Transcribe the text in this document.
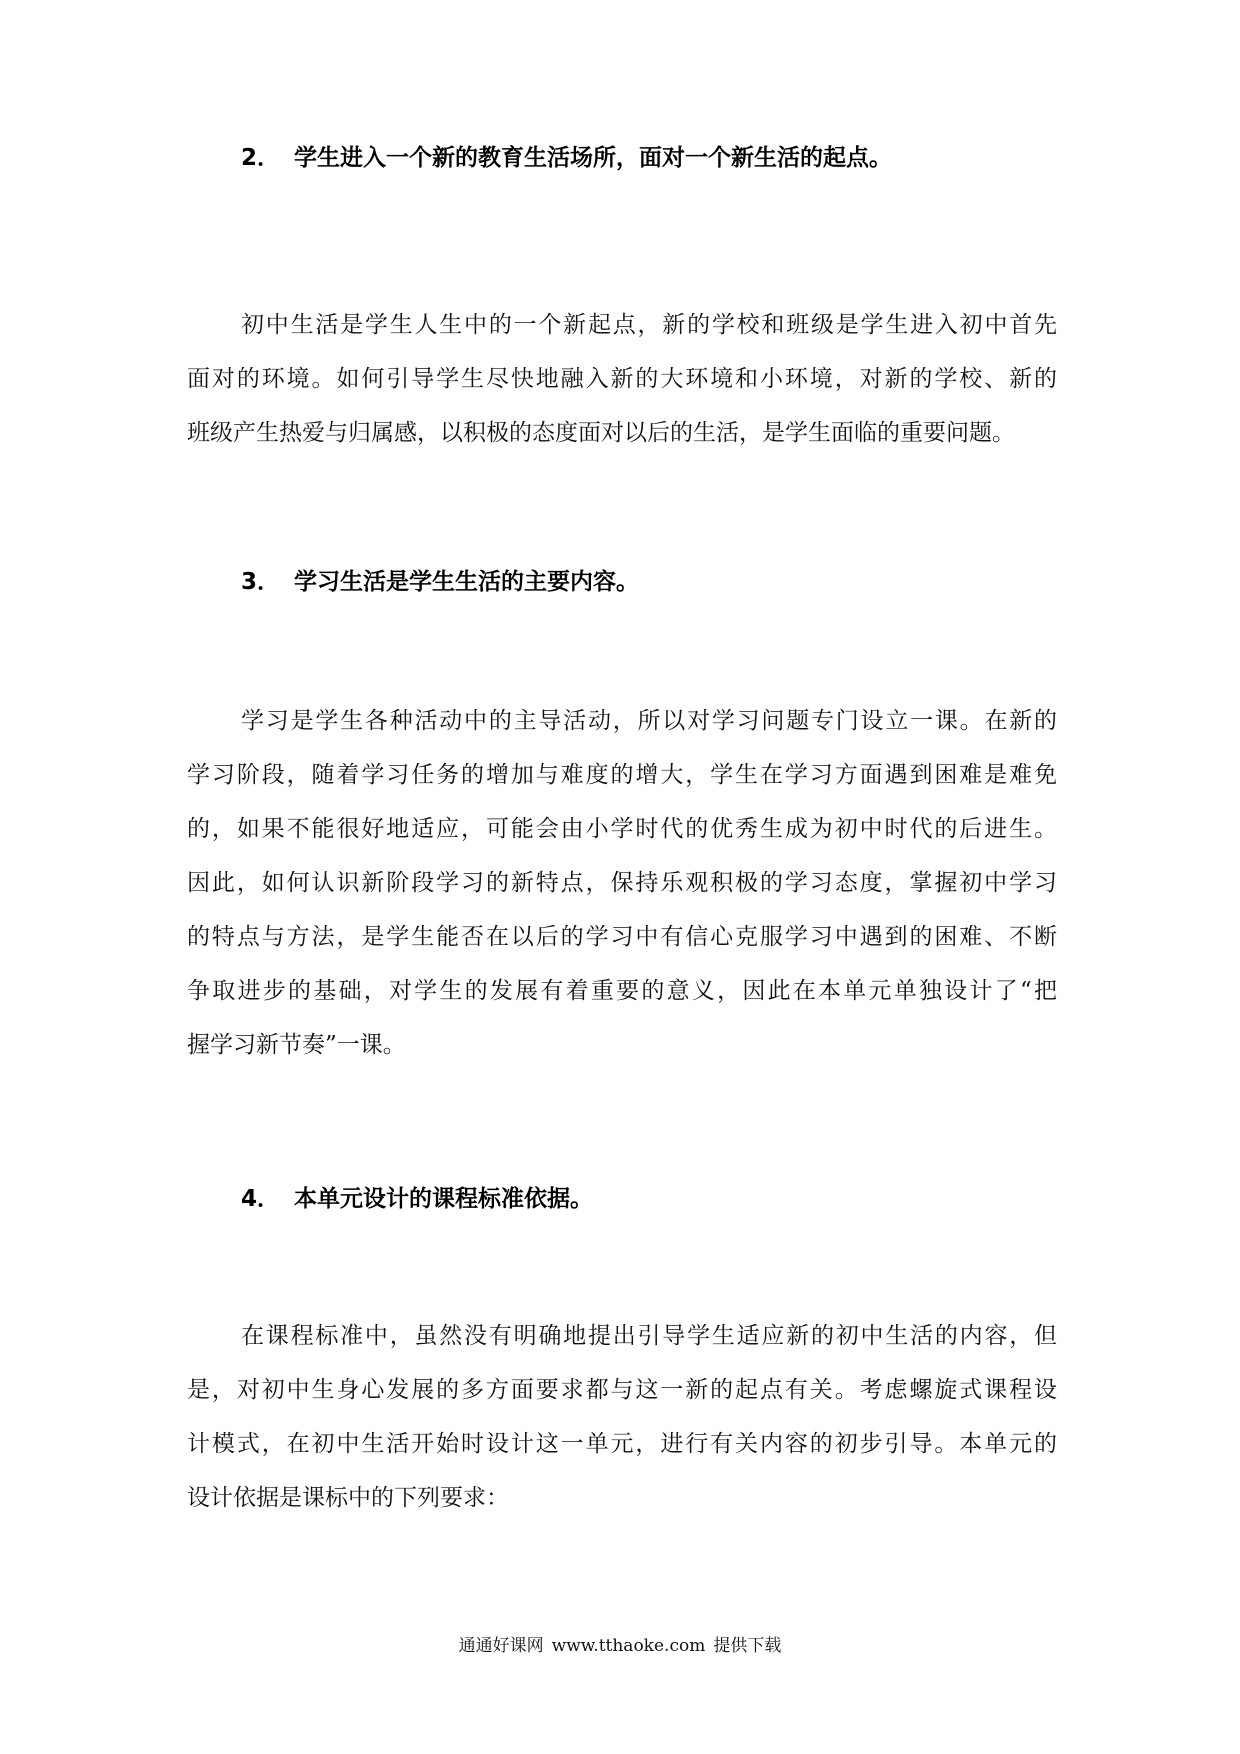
2． 学生进入一个新的教育生活场所，面对一个新生活的起点。
初中生活是学生人生中的一个新起点，新的学校和班级是学生进入初中首先
面对的环境。如何引导学生尽快地融入新的大环境和小环境，对新的学校、新的
班级产生热爱与归属感，以积极的态度面对以后的生活，是学生面临的重要问题。
3． 学习生活是学生生活的主要内容。
学习是学生各种活动中的主导活动，所以对学习问题专门设立一课。在新的
学习阶段，随着学习任务的增加与难度的增大，学生在学习方面遇到困难是难免
的，如果不能很好地适应，可能会由小学时代的优秀生成为初中时代的后进生。
因此，如何认识新阶段学习的新特点，保持乐观积极的学习态度，掌握初中学习
的特点与方法，是学生能否在以后的学习中有信心克服学习中遇到的困难、不断
争取进步的基础，对学生的发展有着重要的意义，因此在本单元单独设计了“把
握学习新节奏”一课。
4． 本单元设计的课程标准依据。
在课程标准中，虽然没有明确地提出引导学生适应新的初中生活的内容，但
是，对初中生身心发展的多方面要求都与这一新的起点有关。考虑螺旋式课程设
计模式，在初中生活开始时设计这一单元，进行有关内容的初步引导。本单元的
设计依据是课标中的下列要求：
通通好课网 www.tthaoke.com 提供下载
